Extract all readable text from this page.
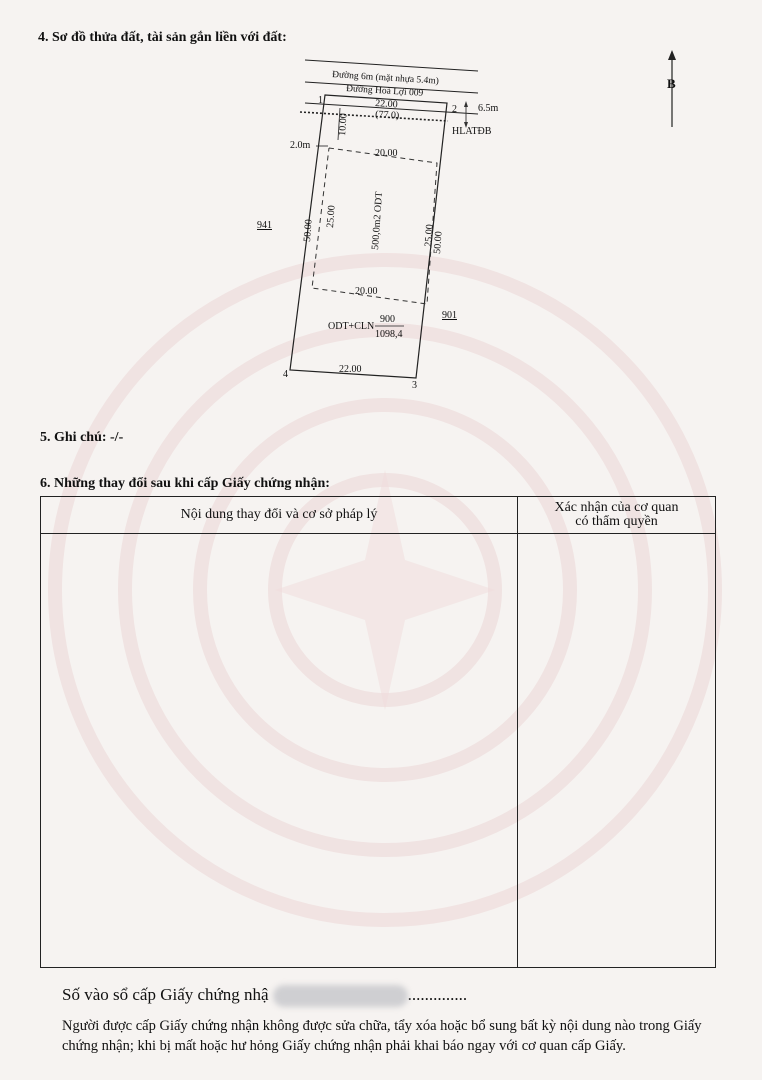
4. Sơ đồ thửa đất, tài sản gắn liền với đất:
Đường 6m (mặt nhựa 5.4m)
Đường Hoà Lợi 009
1
2
3
4
22.00
(77.0)
6.5m
HLATĐB
2.0m
10.00
20.00
25.00	500,0m2 ODT	25.00
50.00
50.00
20.00
ODT+CLN
900
1098,4
22.00
941
901
B
5. Ghi chú: -/-
6. Những thay đổi sau khi cấp Giấy chứng nhận:
Nội dung thay đổi và cơ sở pháp lý	Xác nhận của cơ quan
có thẩm quyền
Số vào sổ cấp Giấy chứng nhậ	..............
Người được cấp Giấy chứng nhận không được sửa chữa, tẩy xóa hoặc bổ sung bất kỳ nội dung nào trong Giấy chứng nhận; khi bị mất hoặc hư hỏng Giấy chứng nhận phải khai báo ngay với cơ quan cấp Giấy.
